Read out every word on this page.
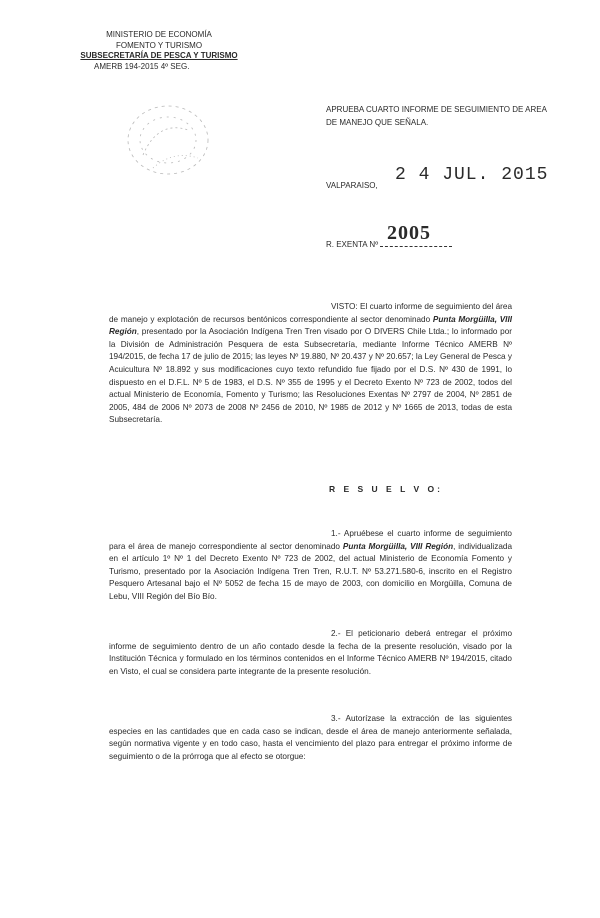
MINISTERIO DE ECONOMÍA
FOMENTO Y TURISMO
SUBSECRETARÍA DE PESCA Y TURISMO
AMERB 194-2015 4º SEG.
APRUEBA CUARTO INFORME DE SEGUIMIENTO DE AREA DE MANEJO QUE SEÑALA.
2 4 JUL. 2015
VALPARAISO,
2005
R. EXENTA Nº

VISTO: El cuarto informe de seguimiento del área de manejo y explotación de recursos bentónicos correspondiente al sector denominado Punta Morgüilla, VIII Región, presentado por la Asociación Indígena Tren Tren visado por O DIVERS Chile Ltda.; lo informado por la División de Administración Pesquera de esta Subsecretaría, mediante Informe Técnico AMERB Nº 194/2015, de fecha 17 de julio de 2015; las leyes Nº 19.880, Nº 20.437 y Nº 20.657; la Ley General de Pesca y Acuicultura Nº 18.892 y sus modificaciones cuyo texto refundido fue fijado por el D.S. Nº 430 de 1991, lo dispuesto en el D.F.L. Nº 5 de 1983, el D.S. Nº 355 de 1995 y el Decreto Exento Nº 723 de 2002, todos del actual Ministerio de Economía, Fomento y Turismo; las Resoluciones Exentas Nº 2797 de 2004, Nº 2851 de 2005, 484 de 2006 Nº 2073 de 2008 Nº 2456 de 2010, Nº 1985 de 2012 y Nº 1665 de 2013, todas de esta Subsecretaría.

R E S U E L V O:

1.- Apruébese el cuarto informe de seguimiento para el área de manejo correspondiente al sector denominado Punta Morgüilla, VIII Región, individualizada en el artículo 1º Nº 1 del Decreto Exento Nº 723 de 2002, del actual Ministerio de Economía Fomento y Turismo, presentado por la Asociación Indígena Tren Tren, R.U.T. Nº 53.271.580-6, inscrito en el Registro Pesquero Artesanal bajo el Nº 5052 de fecha 15 de mayo de 2003, con domicilio en Morgüilla, Comuna de Lebu, VIII Región del Bío Bío.

2.- El peticionario deberá entregar el próximo informe de seguimiento dentro de un año contado desde la fecha de la presente resolución, visado por la Institución Técnica y formulado en los términos contenidos en el Informe Técnico AMERB Nº 194/2015, citado en Visto, el cual se considera parte integrante de la presente resolución.

3.- Autorízase la extracción de las siguientes especies en las cantidades que en cada caso se indican, desde el área de manejo anteriormente señalada, según normativa vigente y en todo caso, hasta el vencimiento del plazo para entregar el próximo informe de seguimiento o de la prórroga que al efecto se otorgue:
